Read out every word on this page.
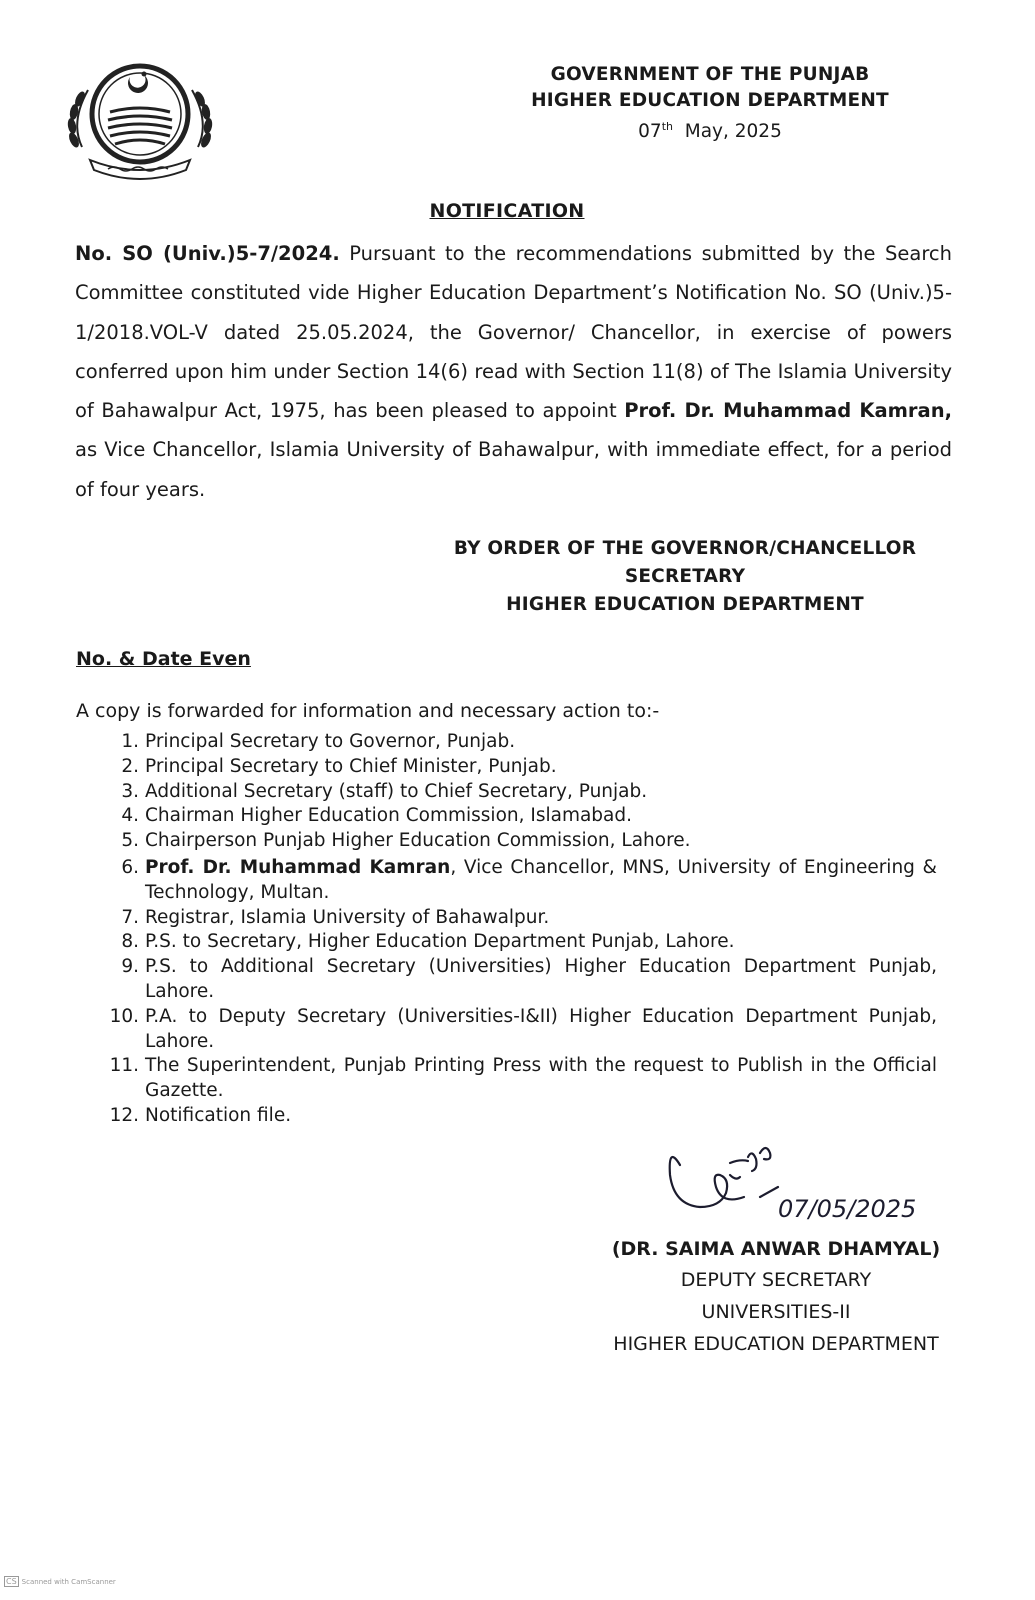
GOVERNMENT OF THE PUNJAB
HIGHER EDUCATION DEPARTMENT
07th May, 2025
NOTIFICATION
No. SO (Univ.)5-7/2024. Pursuant to the recommendations submitted by the Search Committee constituted vide Higher Education Department’s Notification No. SO (Univ.)5-1/2018.VOL-V dated 25.05.2024, the Governor/ Chancellor, in exercise of powers conferred upon him under Section 14(6) read with Section 11(8) of The Islamia University of Bahawalpur Act, 1975, has been pleased to appoint Prof. Dr. Muhammad Kamran, as Vice Chancellor, Islamia University of Bahawalpur, with immediate effect, for a period of four years.
BY ORDER OF THE GOVERNOR/CHANCELLOR
SECRETARY
HIGHER EDUCATION DEPARTMENT
No. & Date Even
A copy is forwarded for information and necessary action to:-
1. Principal Secretary to Governor, Punjab.
2. Principal Secretary to Chief Minister, Punjab.
3. Additional Secretary (staff) to Chief Secretary, Punjab.
4. Chairman Higher Education Commission, Islamabad.
5. Chairperson Punjab Higher Education Commission, Lahore.
6. Prof. Dr. Muhammad Kamran, Vice Chancellor, MNS, University of Engineering & Technology, Multan.
7. Registrar, Islamia University of Bahawalpur.
8. P.S. to Secretary, Higher Education Department Punjab, Lahore.
9. P.S. to Additional Secretary (Universities) Higher Education Department Punjab, Lahore.
10. P.A. to Deputy Secretary (Universities-I&II) Higher Education Department Punjab, Lahore.
11. The Superintendent, Punjab Printing Press with the request to Publish in the Official Gazette.
12. Notification file.
07/05/2025
(DR. SAIMA ANWAR DHAMYAL)
DEPUTY SECRETARY
UNIVERSITIES-II
HIGHER EDUCATION DEPARTMENT
CS Scanned with CamScanner
